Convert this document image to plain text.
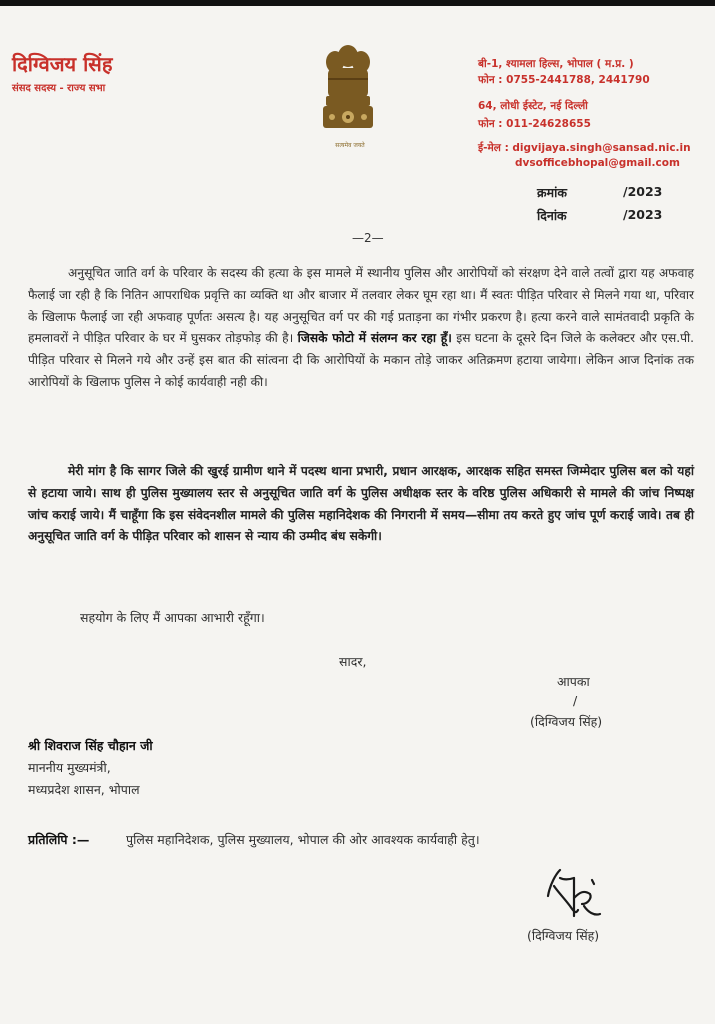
दिग्विजय सिंह
संसद सदस्य - राज्य सभा
सत्यमेव जयते
बी-1, श्यामला हिल्स, भोपाल ( म.प्र. )
फोन : 0755-2441788, 2441790
64, लोधी ईस्टेट, नई दिल्ली
फोन : 011-24628655
ई-मेल : digvijaya.singh@sansad.nic.in
dvsofficebhopal@gmail.com
क्रमांक	/2023
दिनांक	/2023
—2—
अनुसूचित जाति वर्ग के परिवार के सदस्य की हत्या के इस मामले में स्थानीय पुलिस और आरोपियों को संरक्षण देने वाले तत्वों द्वारा यह अफवाह फैलाई जा रही है कि नितिन आपराधिक प्रवृत्ति का व्यक्ति था और बाजार में तलवार लेकर घूम रहा था। मैं स्वतः पीड़ित परिवार से मिलने गया था, परिवार के खिलाफ फैलाई जा रही अफवाह पूर्णतः असत्य है। यह अनुसूचित वर्ग पर की गई प्रताड़ना का गंभीर प्रकरण है। हत्या करने वाले सामंतवादी प्रकृति के हमलावरों ने पीड़ित परिवार के घर में घुसकर तोड़फोड़ की है। जिसके फोटो में संलग्न कर रहा हूँ। इस घटना के दूसरे दिन जिले के कलेक्टर और एस.पी. पीड़ित परिवार से मिलने गये और उन्हें इस बात की सांत्वना दी कि आरोपियों के मकान तोड़े जाकर अतिक्रमण हटाया जायेगा। लेकिन आज दिनांक तक आरोपियों के खिलाफ पुलिस ने कोई कार्यवाही नही की।
मेरी मांग है कि सागर जिले की खुरई ग्रामीण थाने में पदस्थ थाना प्रभारी, प्रधान आरक्षक, आरक्षक सहित समस्त जिम्मेदार पुलिस बल को यहां से हटाया जाये। साथ ही पुलिस मुख्यालय स्तर से अनुसूचित जाति वर्ग के पुलिस अधीक्षक स्तर के वरिष्ठ पुलिस अधिकारी से मामले की जांच निष्पक्ष जांच कराई जाये। मैं चाहूँगा कि इस संवेदनशील मामले की पुलिस महानिदेशक की निगरानी में समय—सीमा तय करते हुए जांच पूर्ण कराई जावे। तब ही अनुसूचित जाति वर्ग के पीड़ित परिवार को शासन से न्याय की उम्मीद बंध सकेगी।
सहयोग के लिए मैं आपका आभारी रहूँगा।
सादर,
आपका
/
(दिग्विजय सिंह)
श्री शिवराज सिंह चौहान जी
माननीय मुख्यमंत्री,
मध्यप्रदेश शासन, भोपाल
प्रतिलिपि :—	पुलिस महानिदेशक, पुलिस मुख्यालय, भोपाल की ओर आवश्यक कार्यवाही हेतु।
(दिग्विजय सिंह)
